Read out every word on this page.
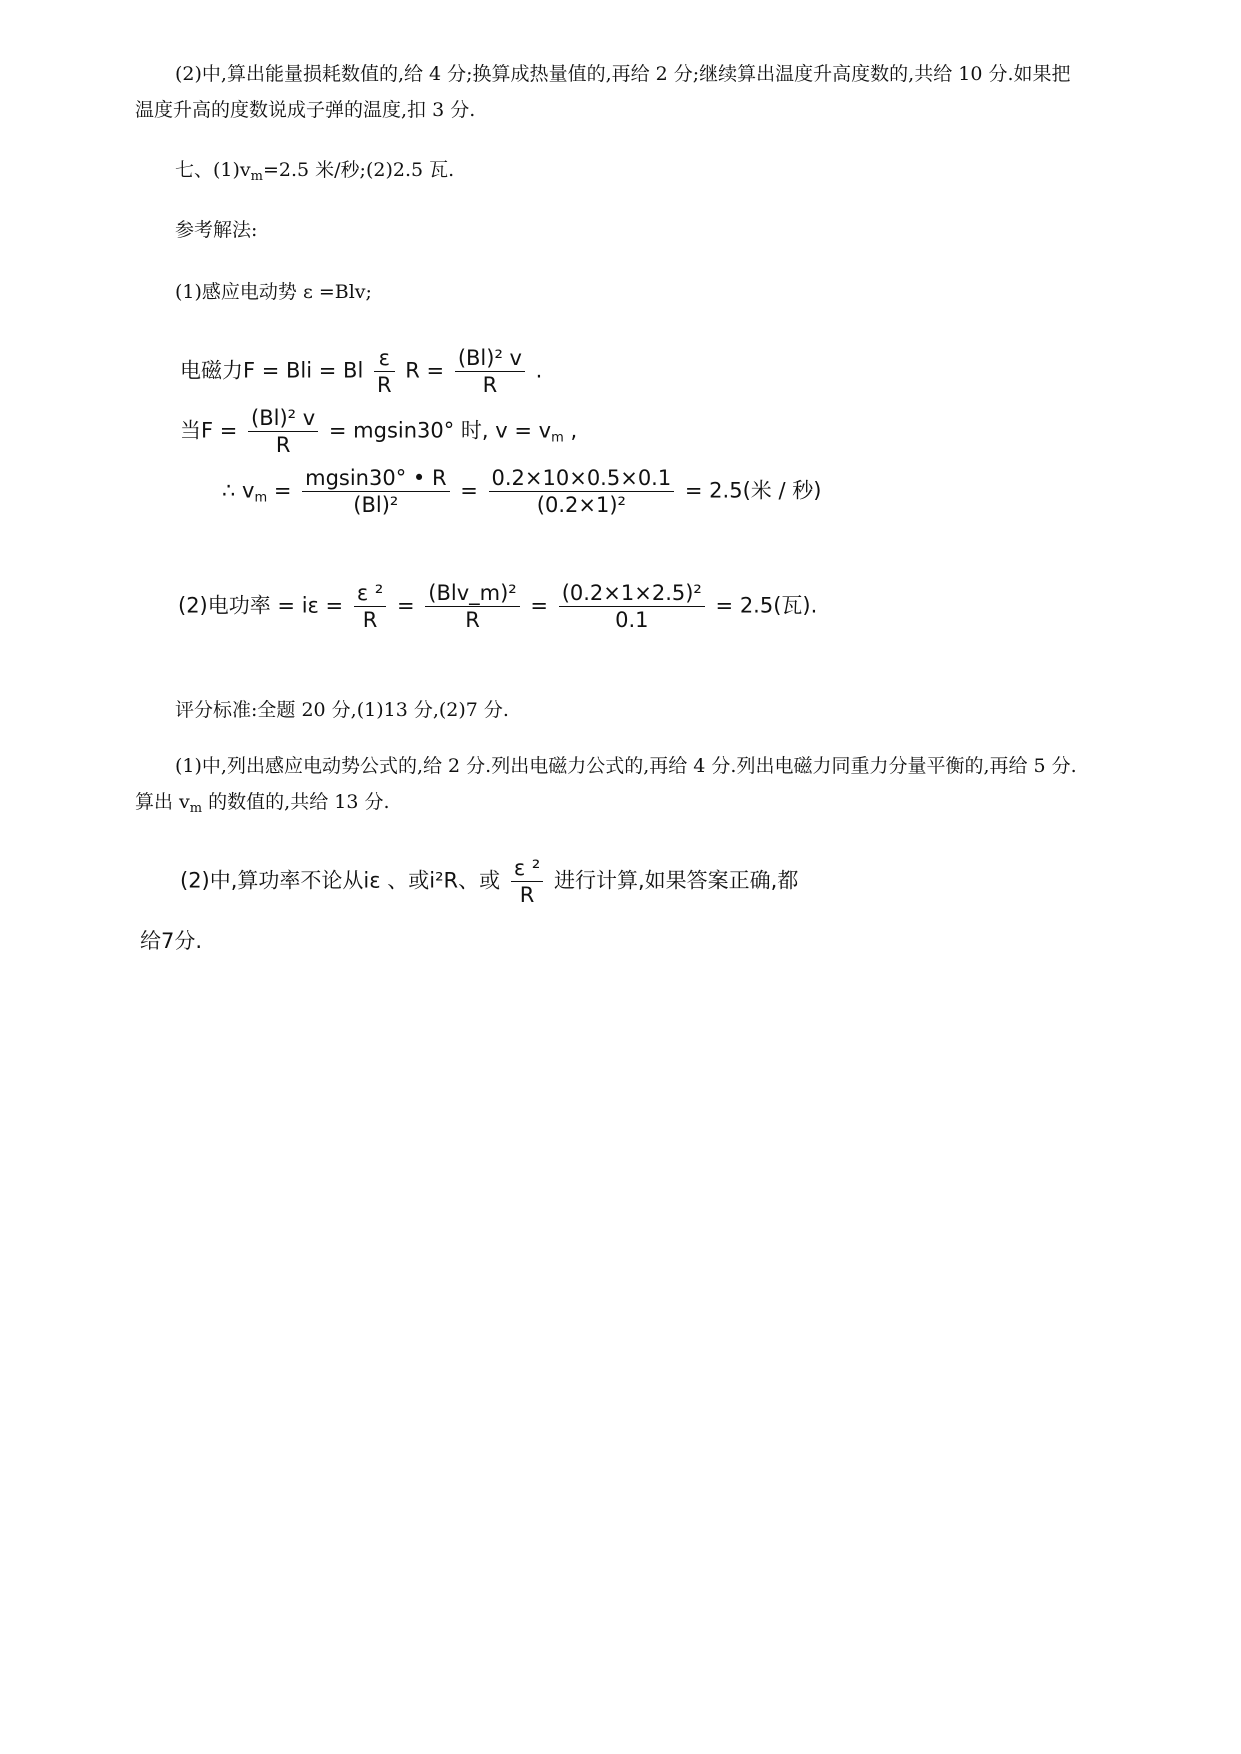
(2)中,算出能量损耗数值的,给 4 分;换算成热量值的,再给 2 分;继续算出温度升高度数的,共给 10 分.如果把
温度升高的度数说成子弹的温度,扣 3 分.
七、$(1)v_m=2.5$ 米/秒;(2)2.5 瓦.
参考解法:
(1)感应电动势 ε =Blv;
电磁力F = Bli = Bl $\frac{\varepsilon}{R}$ $R = \frac{\text{(Bl)² v}}{R}$ .
当$F = \frac{\text{(Bl)² v}}{R} = mgsin30^\circ$ 时, $v = v_m$ ,
∴ $v_m = \frac{mgsin30^\circ • R}{\text{(Bl)²}} = \frac{0.2\times 10\times 0.5\times 0.1}{\text{(0.2×1)²}} = 2.5$(米 / 秒)
(2)电功率 = $i\varepsilon = \frac{\text{ε ²}}{R} = \frac{\text{(Blv\_m)²}}{R} = \frac{\text{(0.2×1×2.5)²}}{0.1} = 2.5$(瓦).
评分标准:全题 20 分,(1)13 分,(2)7 分.
(1)中,列出感应电动势公式的,给 2 分.列出电磁力公式的,再给 4 分.列出电磁力同重力分量平衡的,再给 5 分.
算出 $v_m$ 的数值的,共给 13 分.
(2)中,算功率不论从iε 、或i²R、或 $\frac{\text{ε ²}}{R}$ 进行计算,如果答案正确,都
给7分.
